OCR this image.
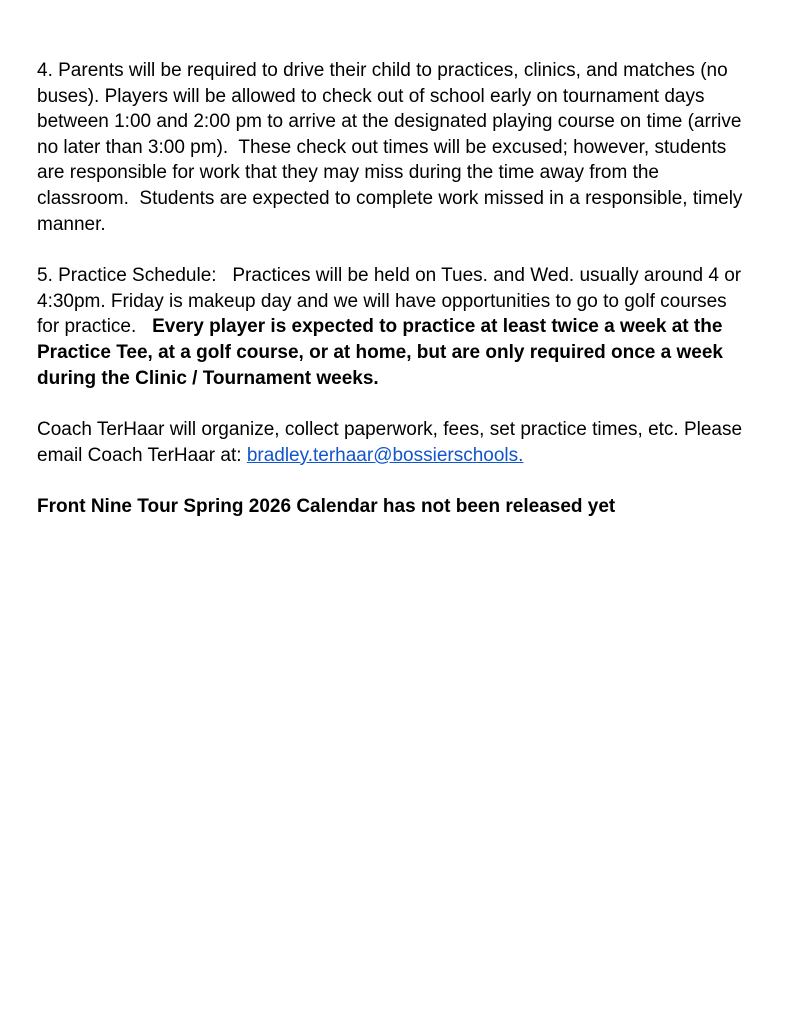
4. Parents will be required to drive their child to practices, clinics, and matches (no buses). Players will be allowed to check out of school early on tournament days between 1:00 and 2:00 pm to arrive at the designated playing course on time (arrive no later than 3:00 pm).  These check out times will be excused; however, students are responsible for work that they may miss during the time away from the classroom.  Students are expected to complete work missed in a responsible, timely manner.

5. Practice Schedule:   Practices will be held on Tues. and Wed. usually around 4 or 4:30pm. Friday is makeup day and we will have opportunities to go to golf courses for practice.   Every player is expected to practice at least twice a week at the Practice Tee, at a golf course, or at home, but are only required once a week during the Clinic / Tournament weeks.

Coach TerHaar will organize, collect paperwork, fees, set practice times, etc. Please email Coach TerHaar at: bradley.terhaar@bossierschools.

Front Nine Tour Spring 2026 Calendar has not been released yet
